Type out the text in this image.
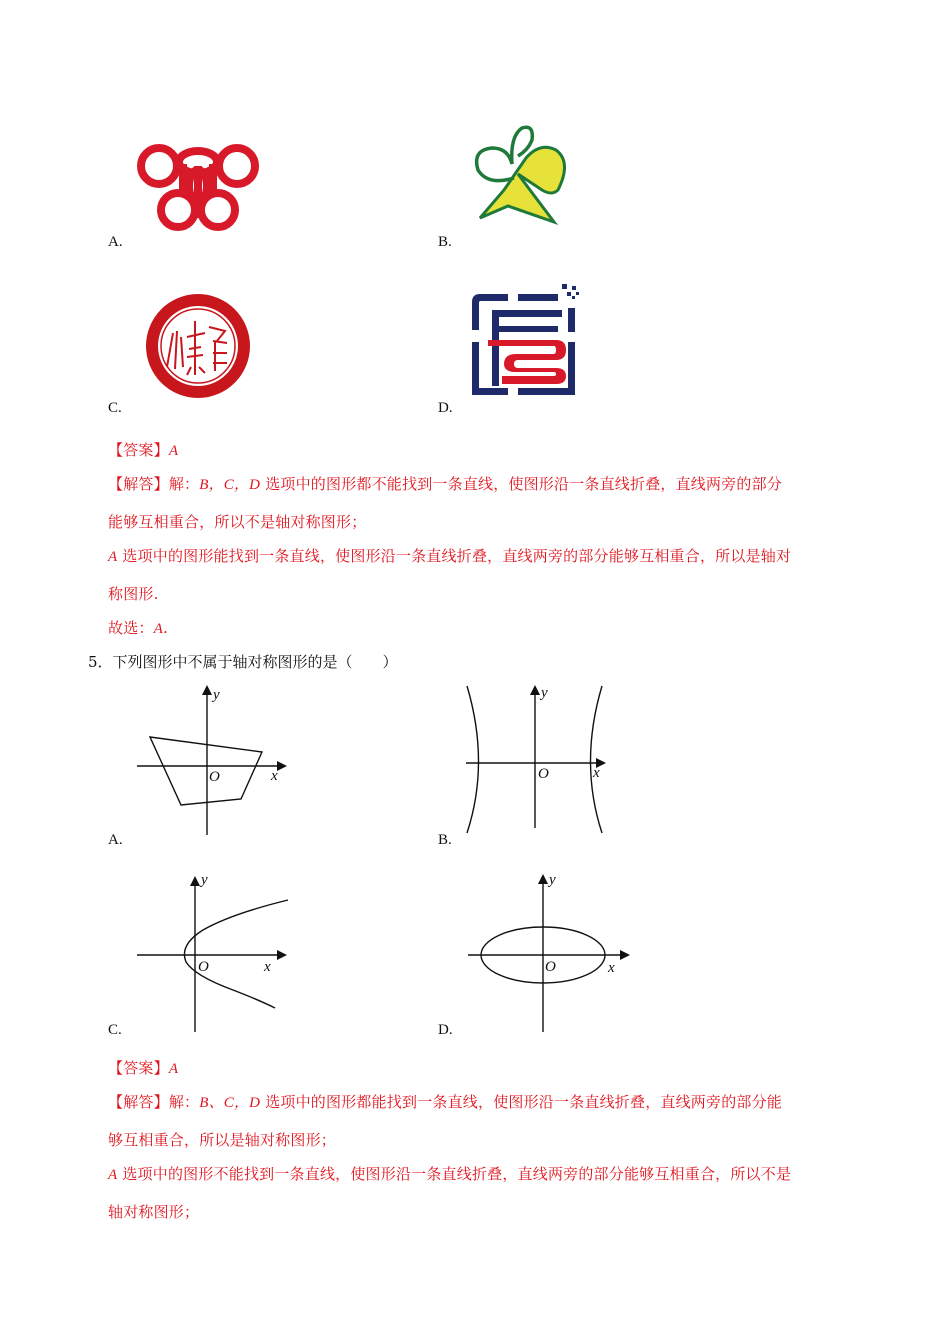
A.	B.
C.	D.
【答案】A
【解答】解：B，C，D 选项中的图形都不能找到一条直线，使图形沿一条直线折叠，直线两旁的部分
能够互相重合，所以不是轴对称图形；
A 选项中的图形能找到一条直线，使图形沿一条直线折叠，直线两旁的部分能够互相重合，所以是轴对
称图形.
故选：A.
5．下列图形中不属于轴对称图形的是（　　）
y
x
O
A.
y
x
O
B.
y
x
O
C.
y
x
O
D.
【答案】A
【解答】解：B、C，D 选项中的图形都能找到一条直线，使图形沿一条直线折叠，直线两旁的部分能
够互相重合，所以是轴对称图形；
A 选项中的图形不能找到一条直线，使图形沿一条直线折叠，直线两旁的部分能够互相重合，所以不是
轴对称图形；
